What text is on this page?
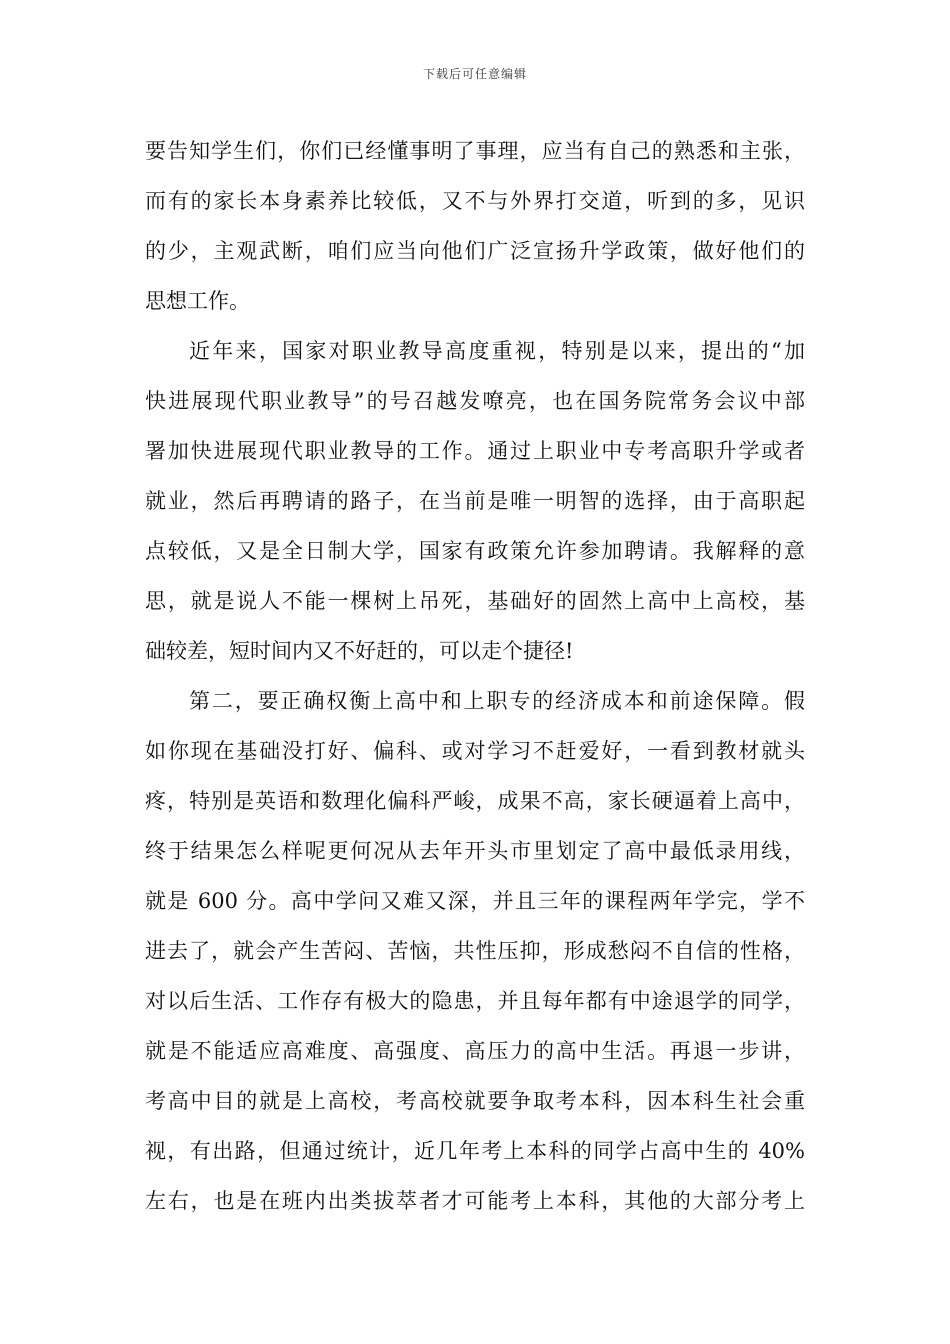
下载后可任意编辑
要告知学生们，你们已经懂事明了事理，应当有自己的熟悉和主张，
而有的家长本身素养比较低，又不与外界打交道，听到的多，见识
的少，主观武断，咱们应当向他们广泛宣扬升学政策，做好他们的
思想工作。
近年来，国家对职业教导高度重视，特别是以来，提出的“加
快进展现代职业教导”的号召越发嘹亮，也在国务院常务会议中部
署加快进展现代职业教导的工作。通过上职业中专考高职升学或者
就业，然后再聘请的路子，在当前是唯一明智的选择，由于高职起
点较低，又是全日制大学，国家有政策允许参加聘请。我解释的意
思，就是说人不能一棵树上吊死，基础好的固然上高中上高校，基
础较差，短时间内又不好赶的，可以走个捷径!
第二，要正确权衡上高中和上职专的经济成本和前途保障。假
如你现在基础没打好、偏科、或对学习不赶爱好，一看到教材就头
疼，特别是英语和数理化偏科严峻，成果不高，家长硬逼着上高中，
终于结果怎么样呢更何况从去年开头市里划定了高中最低录用线，
就是 600 分。高中学问又难又深，并且三年的课程两年学完，学不
进去了，就会产生苦闷、苦恼，共性压抑，形成愁闷不自信的性格，
对以后生活、工作存有极大的隐患，并且每年都有中途退学的同学，
就是不能适应高难度、高强度、高压力的高中生活。再退一步讲，
考高中目的就是上高校，考高校就要争取考本科，因本科生社会重
视，有出路，但通过统计，近几年考上本科的同学占高中生的 40%
左右，也是在班内出类拔萃者才可能考上本科，其他的大部分考上
